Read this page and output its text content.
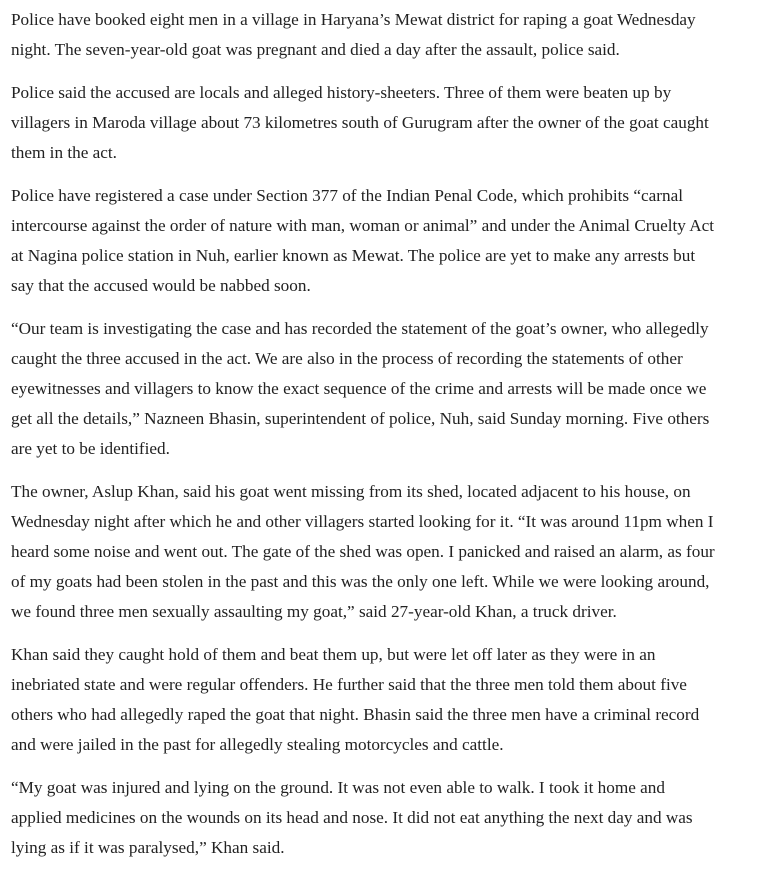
Police have booked eight men in a village in Haryana’s Mewat district for raping a goat Wednesday
night. The seven-year-old goat was pregnant and died a day after the assault, police said.

Police said the accused are locals and alleged history-sheeters. Three of them were beaten up by
villagers in Maroda village about 73 kilometres south of Gurugram after the owner of the goat caught
them in the act.

Police have registered a case under Section 377 of the Indian Penal Code, which prohibits “carnal
intercourse against the order of nature with man, woman or animal” and under the Animal Cruelty Act
at Nagina police station in Nuh, earlier known as Mewat. The police are yet to make any arrests but
say that the accused would be nabbed soon.

“Our team is investigating the case and has recorded the statement of the goat’s owner, who allegedly
caught the three accused in the act. We are also in the process of recording the statements of other
eyewitnesses and villagers to know the exact sequence of the crime and arrests will be made once we
get all the details,” Nazneen Bhasin, superintendent of police, Nuh, said Sunday morning. Five others
are yet to be identified.

The owner, Aslup Khan, said his goat went missing from its shed, located adjacent to his house, on
Wednesday night after which he and other villagers started looking for it. “It was around 11pm when I
heard some noise and went out. The gate of the shed was open. I panicked and raised an alarm, as four
of my goats had been stolen in the past and this was the only one left. While we were looking around,
we found three men sexually assaulting my goat,” said 27-year-old Khan, a truck driver.

Khan said they caught hold of them and beat them up, but were let off later as they were in an
inebriated state and were regular offenders. He further said that the three men told them about five
others who had allegedly raped the goat that night. Bhasin said the three men have a criminal record
and were jailed in the past for allegedly stealing motorcycles and cattle.

“My goat was injured and lying on the ground. It was not even able to walk. I took it home and
applied medicines on the wounds on its head and nose. It did not eat anything the next day and was
lying as if it was paralysed,” Khan said.
